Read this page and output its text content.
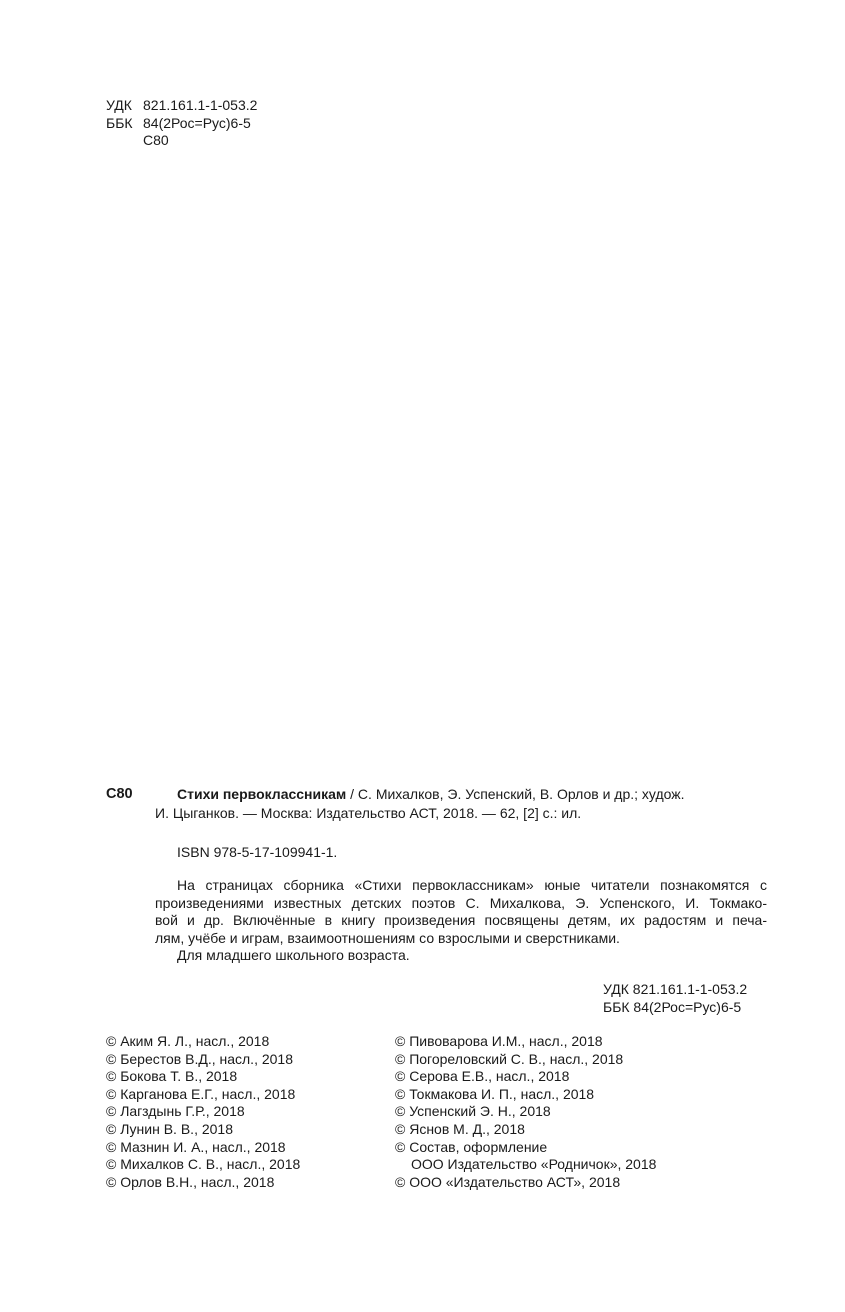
УДК 821.161.1-1-053.2
ББК 84(2Рос=Рус)6-5
С80
С80	Стихи первоклассникам / С. Михалков, Э. Успенский, В. Орлов и др.; худож.
И. Цыганков. — Москва: Издательство АСТ, 2018. — 62, [2] с.: ил.
ISBN 978-5-17-109941-1.
На страницах сборника «Стихи первоклассникам» юные читатели познакомятся с
произведениями известных детских поэтов С. Михалкова, Э. Успенского, И. Токмако-
вой и др. Включённые в книгу произведения посвящены детям, их радостям и печа-
лям, учёбе и играм, взаимоотношениям со взрослыми и сверстниками.
Для младшего школьного возраста.
УДК 821.161.1-1-053.2
ББК 84(2Рос=Рус)6-5
© Аким Я. Л., насл., 2018
© Берестов В.Д., насл., 2018
© Бокова Т. В., 2018
© Карганова Е.Г., насл., 2018
© Лагздынь Г.Р., 2018
© Лунин В. В., 2018
© Мазнин И. А., насл., 2018
© Михалков С. В., насл., 2018
© Орлов В.Н., насл., 2018
© Пивоварова И.М., насл., 2018
© Погореловский С. В., насл., 2018
© Серова Е.В., насл., 2018
© Токмакова И. П., насл., 2018
© Успенский Э. Н., 2018
© Яснов М. Д., 2018
© Состав, оформление
ООО Издательство «Родничок», 2018
© ООО «Издательство АСТ», 2018
